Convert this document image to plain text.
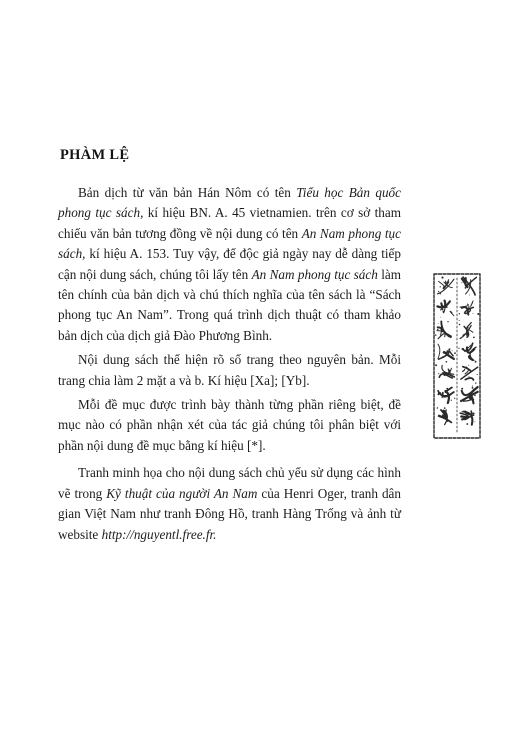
PHÀM LỆ

Bản dịch từ văn bản Hán Nôm có tên Tiểu học Bản quốc phong tục sách, kí hiệu BN. A. 45 vietnamien. trên cơ sở tham chiếu văn bản tương đồng về nội dung có tên An Nam phong tục sách, kí hiệu A. 153. Tuy vậy, để độc giả ngày nay dễ dàng tiếp cận nội dung sách, chúng tôi lấy tên An Nam phong tục sách làm tên chính của bản dịch và chú thích nghĩa của tên sách là “Sách phong tục An Nam”. Trong quá trình dịch thuật có tham khảo bản dịch của dịch giả Đào Phương Bình.

Nội dung sách thể hiện rõ số trang theo nguyên bản. Mỗi trang chia làm 2 mặt a và b. Kí hiệu [Xa]; [Yb].

Mỗi đề mục được trình bày thành từng phần riêng biệt, đề mục nào có phần nhận xét của tác giả chúng tôi phân biệt với phần nội dung đề mục bằng kí hiệu [*].

Tranh minh họa cho nội dung sách chủ yếu sử dụng các hình vẽ trong Kỹ thuật của người An Nam của Henri Oger, tranh dân gian Việt Nam như tranh Đông Hồ, tranh Hàng Trống và ảnh từ website http://nguyentl.free.fr.
